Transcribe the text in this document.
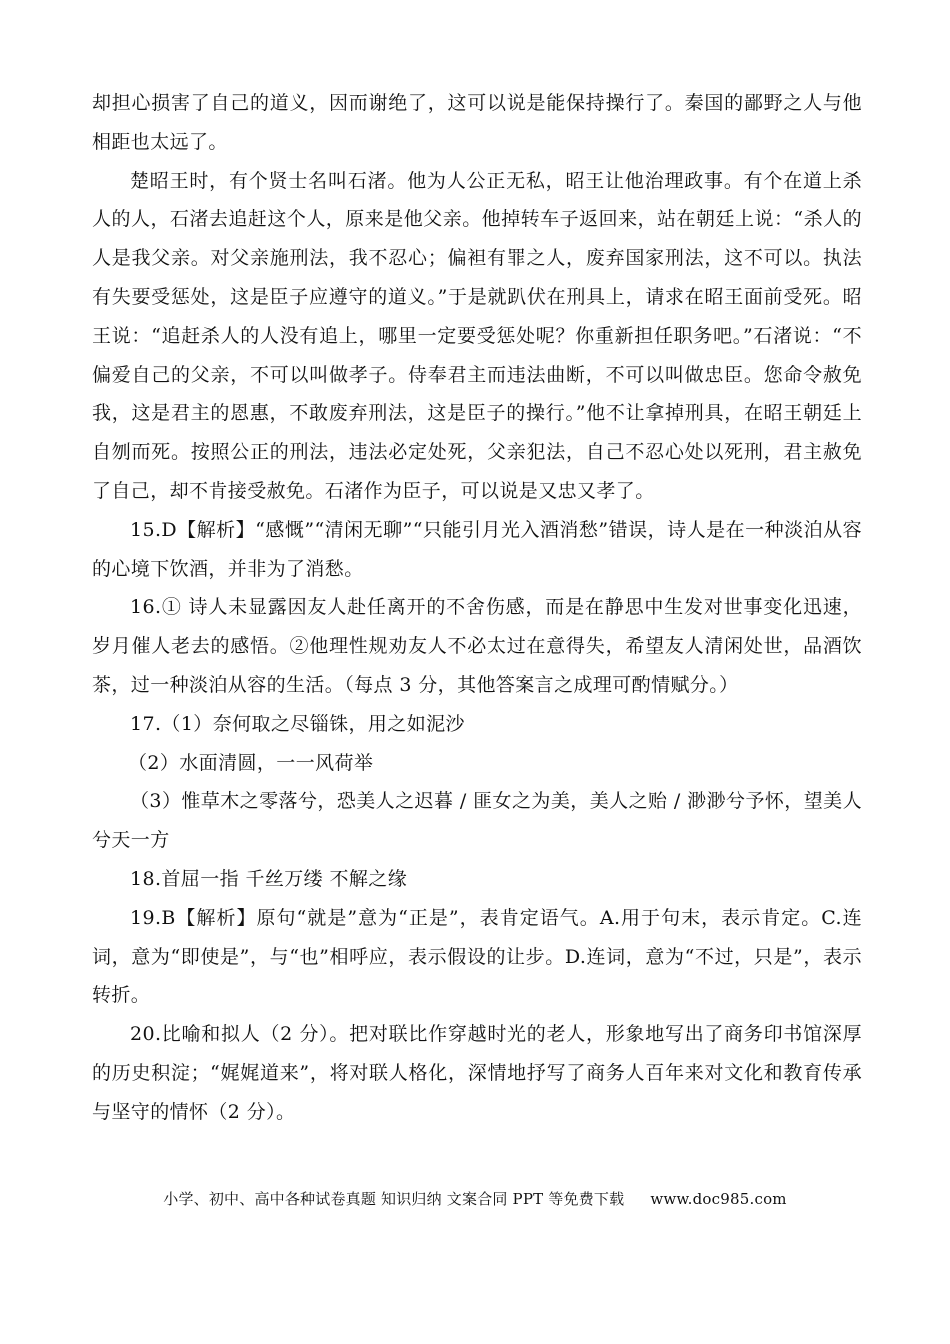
却担心损害了自己的道义，因而谢绝了，这可以说是能保持操行了。秦国的鄙野之人与他相距也太远了。

楚昭王时，有个贤士名叫石渚。他为人公正无私，昭王让他治理政事。有个在道上杀人的人，石渚去追赶这个人，原来是他父亲。他掉转车子返回来，站在朝廷上说：“杀人的人是我父亲。对父亲施刑法，我不忍心；偏袒有罪之人，废弃国家刑法，这不可以。执法有失要受惩处，这是臣子应遵守的道义。”于是就趴伏在刑具上，请求在昭王面前受死。昭王说：“追赶杀人的人没有追上，哪里一定要受惩处呢？你重新担任职务吧。”石渚说：“不偏爱自己的父亲，不可以叫做孝子。侍奉君主而违法曲断，不可以叫做忠臣。您命令赦免我，这是君主的恩惠，不敢废弃刑法，这是臣子的操行。”他不让拿掉刑具，在昭王朝廷上自刎而死。按照公正的刑法，违法必定处死，父亲犯法，自己不忍心处以死刑，君主赦免了自己，却不肯接受赦免。石渚作为臣子，可以说是又忠又孝了。

15.D【解析】“感慨”“清闲无聊”“只能引月光入酒消愁”错误，诗人是在一种淡泊从容的心境下饮酒，并非为了消愁。

16.① 诗人未显露因友人赴任离开的不舍伤感，而是在静思中生发对世事变化迅速，岁月催人老去的感悟。②他理性规劝友人不必太过在意得失，希望友人清闲处世，品酒饮茶，过一种淡泊从容的生活。（每点 3 分，其他答案言之成理可酌情赋分。）

17.（1）奈何取之尽锱铢，用之如泥沙

（2）水面清圆，一一风荷举

（3）惟草木之零落兮，恐美人之迟暮 / 匪女之为美，美人之贻 / 渺渺兮予怀，望美人兮天一方

18.首屈一指 千丝万缕 不解之缘

19.B【解析】原句“就是”意为“正是”，表肯定语气。A.用于句末，表示肯定。C.连词，意为“即使是”，与“也”相呼应，表示假设的让步。D.连词，意为“不过，只是”，表示转折。

20.比喻和拟人（2 分）。把对联比作穿越时光的老人，形象地写出了商务印书馆深厚的历史积淀；“娓娓道来”，将对联人格化，深情地抒写了商务人百年来对文化和教育传承与坚守的情怀（2 分）。

小学、初中、高中各种试卷真题 知识归纳 文案合同 PPT 等免费下载 www.doc985.com
